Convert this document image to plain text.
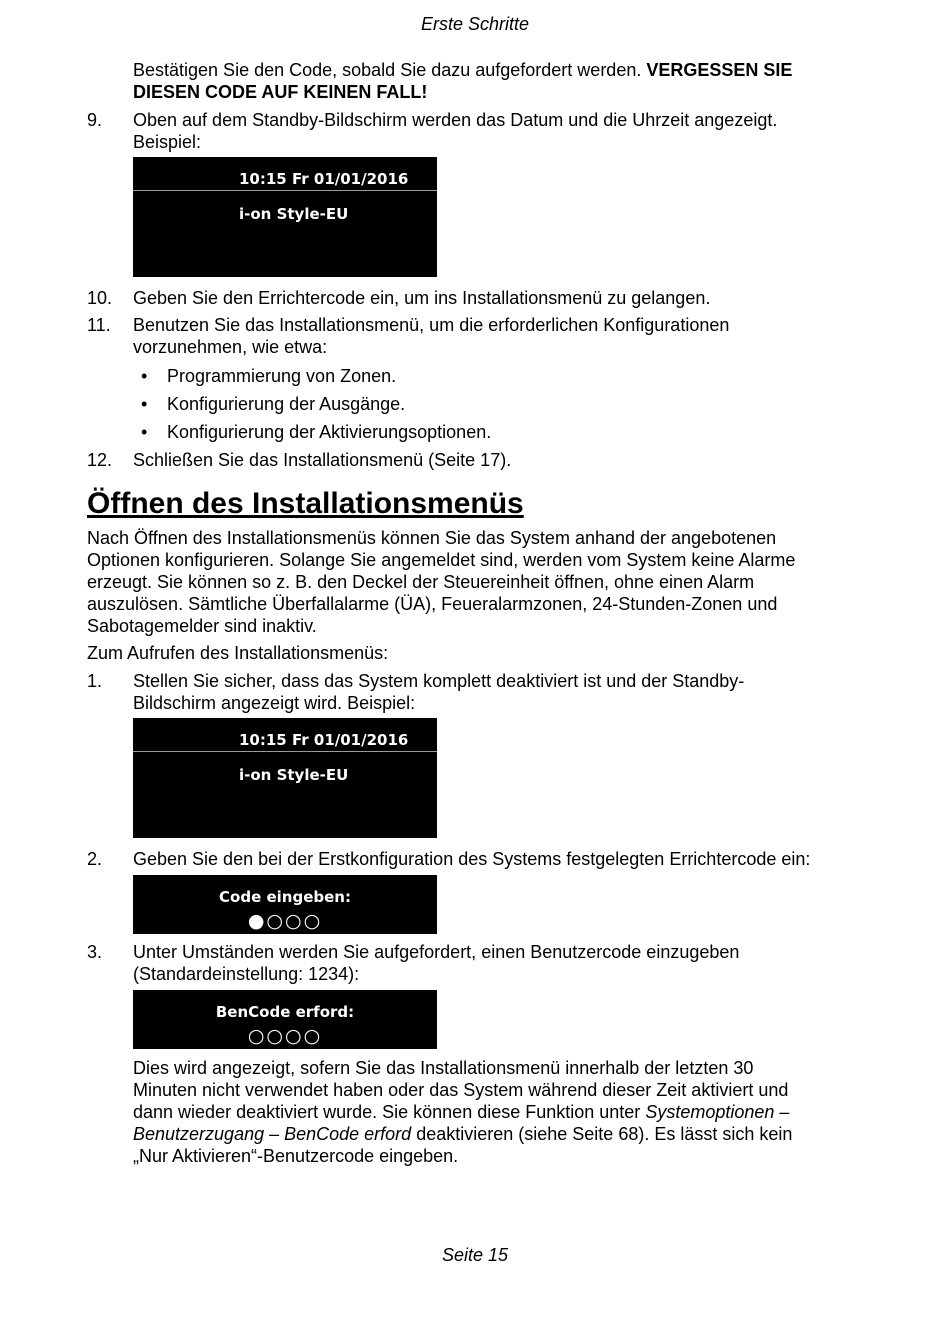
Erste Schritte
Bestätigen Sie den Code, sobald Sie dazu aufgefordert werden. VERGESSEN SIE
DIESEN CODE AUF KEINEN FALL!
9. Oben auf dem Standby-Bildschirm werden das Datum und die Uhrzeit angezeigt.
Beispiel:
10:15 Fr 01/01/2016
i-on Style-EU
10. Geben Sie den Errichtercode ein, um ins Installationsmenü zu gelangen.
11. Benutzen Sie das Installationsmenü, um die erforderlichen Konfigurationen
vorzunehmen, wie etwa:
• Programmierung von Zonen.
• Konfigurierung der Ausgänge.
• Konfigurierung der Aktivierungsoptionen.
12. Schließen Sie das Installationsmenü (Seite 17).
Öffnen des Installationsmenüs
Nach Öffnen des Installationsmenüs können Sie das System anhand der angebotenen
Optionen konfigurieren. Solange Sie angemeldet sind, werden vom System keine Alarme
erzeugt. Sie können so z. B. den Deckel der Steuereinheit öffnen, ohne einen Alarm
auszulösen. Sämtliche Überfallalarme (ÜA), Feueralarmzonen, 24-Stunden-Zonen und
Sabotagemelder sind inaktiv.
Zum Aufrufen des Installationsmenüs:
1. Stellen Sie sicher, dass das System komplett deaktiviert ist und der Standby-
Bildschirm angezeigt wird. Beispiel:
10:15 Fr 01/01/2016
i-on Style-EU
2. Geben Sie den bei der Erstkonfiguration des Systems festgelegten Errichtercode ein:
Code eingeben:
●○○○
3. Unter Umständen werden Sie aufgefordert, einen Benutzercode einzugeben
(Standardeinstellung: 1234):
BenCode erford:
○○○○
Dies wird angezeigt, sofern Sie das Installationsmenü innerhalb der letzten 30
Minuten nicht verwendet haben oder das System während dieser Zeit aktiviert und
dann wieder deaktiviert wurde. Sie können diese Funktion unter Systemoptionen –
Benutzerzugang – BenCode erford deaktivieren (siehe Seite 68). Es lässt sich kein
„Nur Aktivieren“-Benutzercode eingeben.
Seite 15
